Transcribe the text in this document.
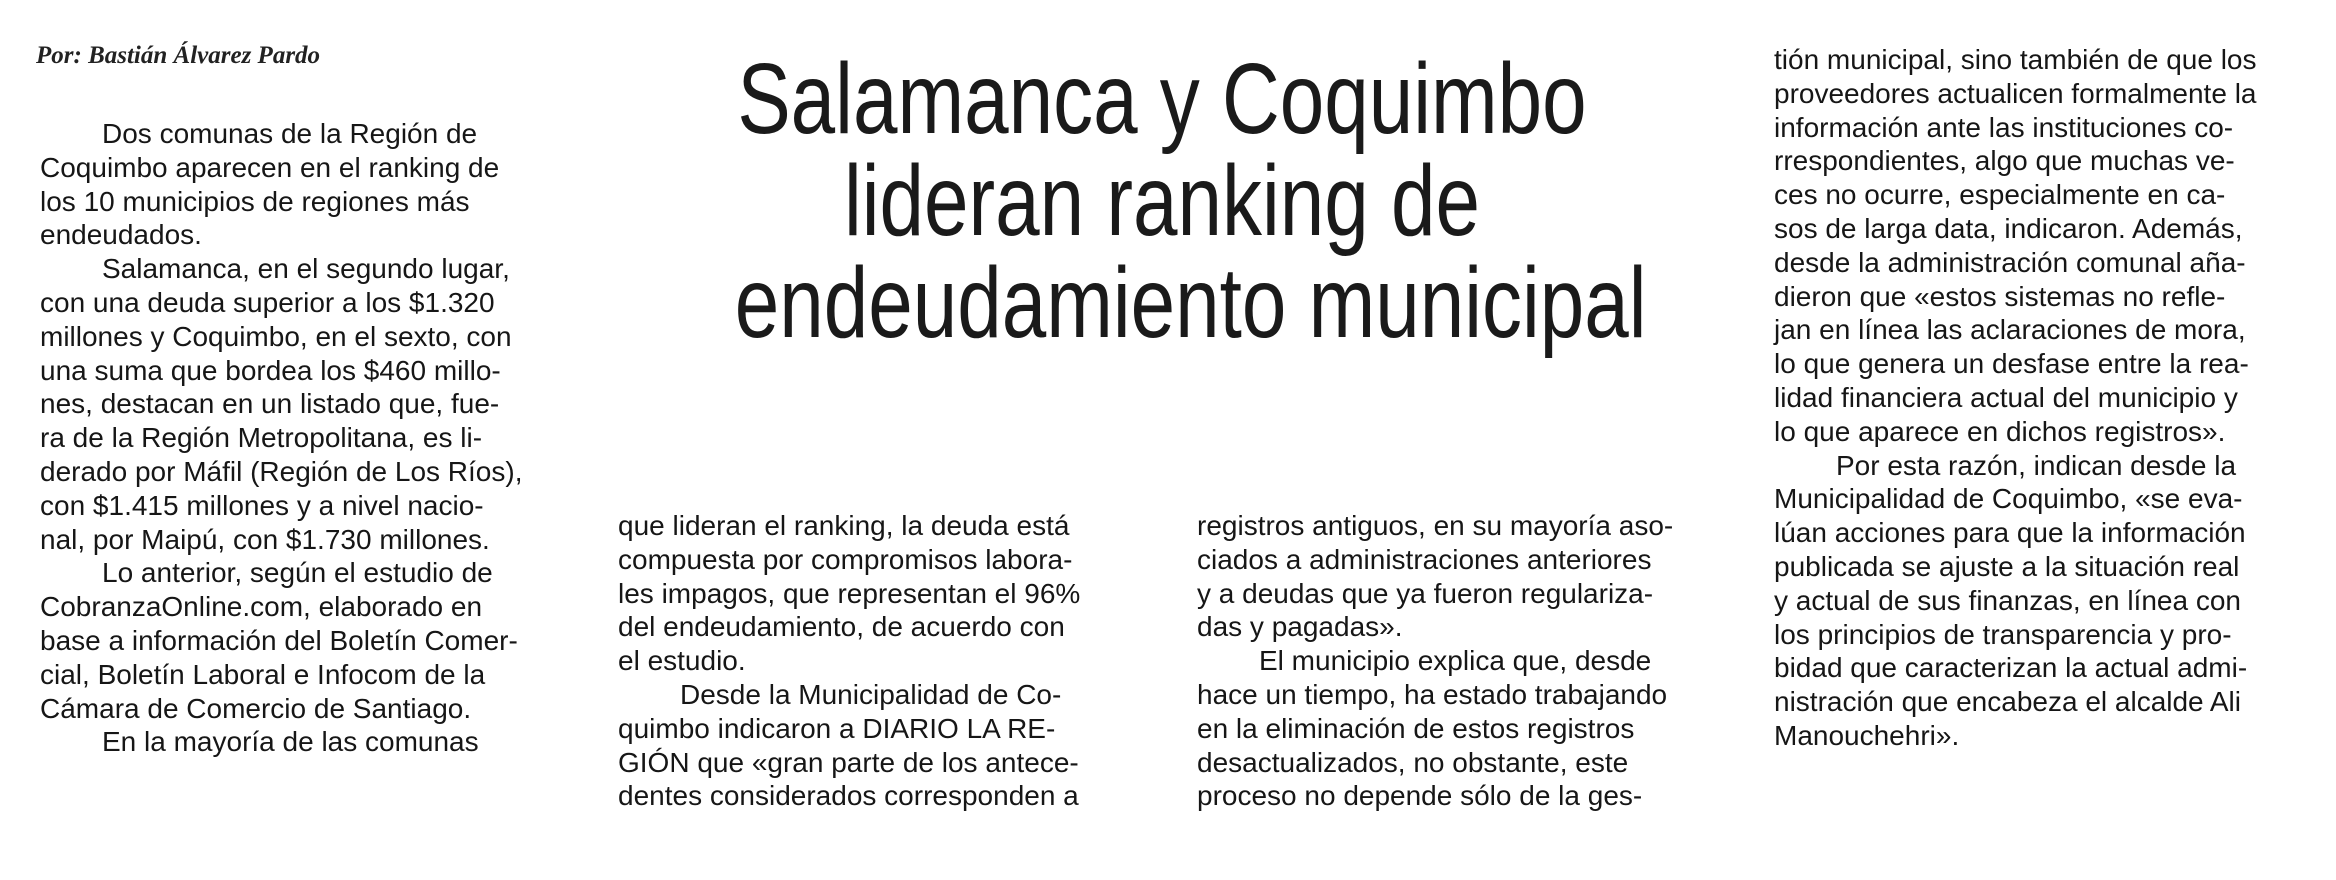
Por: Bastián Álvarez Pardo	Salamanca y Coquimbo
lideran ranking de
endeudamiento municipal
Dos comunas de la Región de
Coquimbo aparecen en el ranking de
los 10 municipios de regiones más
endeudados.
Salamanca, en el segundo lugar,
con una deuda superior a los $1.320
millones y Coquimbo, en el sexto, con
una suma que bordea los $460 millo-
nes, destacan en un listado que, fue-
ra de la Región Metropolitana, es li-
derado por Máfil (Región de Los Ríos),
con $1.415 millones y a nivel nacio-
nal, por Maipú, con $1.730 millones.
Lo anterior, según el estudio de
CobranzaOnline.com, elaborado en
base a información del Boletín Comer-
cial, Boletín Laboral e Infocom de la
Cámara de Comercio de Santiago.
En la mayoría de las comunas
que lideran el ranking, la deuda está
compuesta por compromisos labora-
les impagos, que representan el 96%
del endeudamiento, de acuerdo con
el estudio.
Desde la Municipalidad de Co-
quimbo indicaron a DIARIO LA RE-
GIÓN que «gran parte de los antece-
dentes considerados corresponden a
registros antiguos, en su mayoría aso-
ciados a administraciones anteriores
y a deudas que ya fueron regulariza-
das y pagadas».
El municipio explica que, desde
hace un tiempo, ha estado trabajando
en la eliminación de estos registros
desactualizados, no obstante, este
proceso no depende sólo de la ges-
tión municipal, sino también de que los
proveedores actualicen formalmente la
información ante las instituciones co-
rrespondientes, algo que muchas ve-
ces no ocurre, especialmente en ca-
sos de larga data, indicaron. Además,
desde la administración comunal aña-
dieron que «estos sistemas no refle-
jan en línea las aclaraciones de mora,
lo que genera un desfase entre la rea-
lidad financiera actual del municipio y
lo que aparece en dichos registros».
Por esta razón, indican desde la
Municipalidad de Coquimbo, «se eva-
lúan acciones para que la información
publicada se ajuste a la situación real
y actual de sus finanzas, en línea con
los principios de transparencia y pro-
bidad que caracterizan la actual admi-
nistración que encabeza el alcalde Ali
Manouchehri».
